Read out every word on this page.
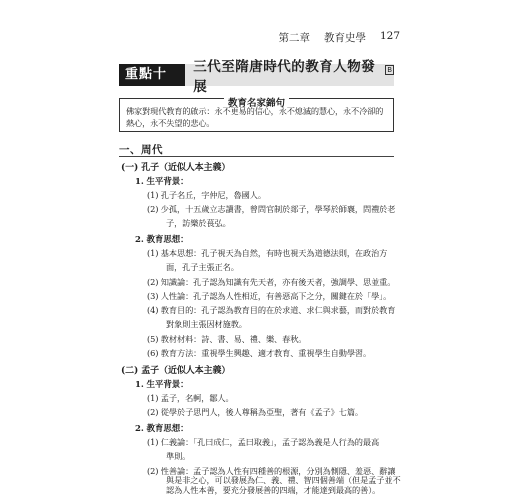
第二章 教育史學 127
重點十三
三代至隋唐時代的教育人物發展
B
教育名家錦句
佛家對現代教育的啟示：永不更易的信心，永不熄滅的慧心，永不冷卻的熱心，永不失望的悲心。
一、周代
(一) 孔子（近似人本主義）
1. 生平背景：
(1) 孔子名丘，字仲尼，魯國人。
(2) 少孤，十五歲立志讀書，曾問官制於郯子，學琴於師襄，問禮於老
子，訪樂於萇弘。
2. 教育思想：
(1) 基本思想：孔子視天為自然，有時也視天為道德法則，在政治方
面，孔子主張正名。
(2) 知識論：孔子認為知識有先天者，亦有後天者，強調學、思並重。
(3) 人性論：孔子認為人性相近，有善惡高下之分，關鍵在於「學」。
(4) 教育目的：孔子認為教育目的在於求道、求仁與求藝，而對於教育
對象則主張因材施教。
(5) 教材材料：詩、書、易、禮、樂、春秋。
(6) 教育方法：重視學生興趣、適才教育、重視學生自動學習。
(二) 孟子（近似人本主義）
1. 生平背景：
(1) 孟子，名軻，鄒人。
(2) 從學於子思門人，後人尊稱為亞聖，著有《孟子》七篇。
2. 教育思想：
(1) 仁義論：「孔曰成仁，孟曰取義」，孟子認為義是人行為的最高
準則。
(2) 性善論：孟子認為人性有四種善的根源，分別為惻隱、羞惡、辭讓
與是非之心，可以發展為仁、義、禮、智四個善端（但是孟子並不
認為人性本善，要充分發展善的四端，才能達到最高的善）。
